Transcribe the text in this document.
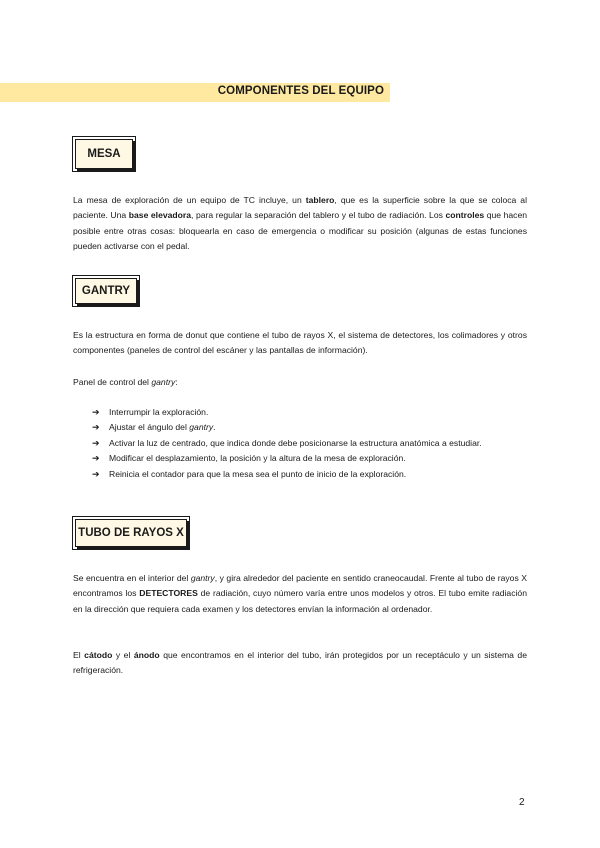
COMPONENTES DEL EQUIPO
MESA

La mesa de exploración de un equipo de TC incluye, un tablero, que es la superficie sobre la que se coloca al paciente. Una base elevadora, para regular la separación del tablero y el tubo de radiación. Los controles que hacen posible entre otras cosas: bloquearla en caso de emergencia o modificar su posición (algunas de estas funciones pueden activarse con el pedal.

GANTRY

Es la estructura en forma de donut que contiene el tubo de rayos X, el sistema de detectores, los colimadores y otros componentes (paneles de control del escáner y las pantallas de información).

Panel de control del gantry:

➔ Interrumpir la exploración.
➔ Ajustar el ángulo del gantry.
➔ Activar la luz de centrado, que indica donde debe posicionarse la estructura anatómica a estudiar.
➔ Modificar el desplazamiento, la posición y la altura de la mesa de exploración.
➔ Reinicia el contador para que la mesa sea el punto de inicio de la exploración.
TUBO DE RAYOS X

Se encuentra en el interior del gantry, y gira alrededor del paciente en sentido craneocaudal. Frente al tubo de rayos X encontramos los DETECTORES de radiación, cuyo número varía entre unos modelos y otros. El tubo emite radiación en la dirección que requiera cada examen y los detectores envían la información al ordenador.

El cátodo y el ánodo que encontramos en el interior del tubo, irán protegidos por un receptáculo y un sistema de refrigeración.

2
